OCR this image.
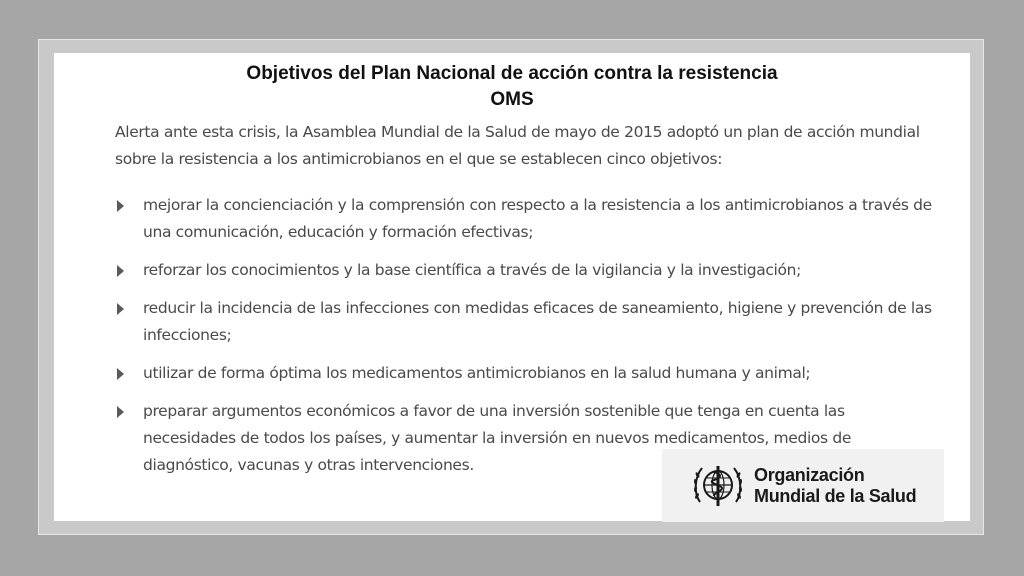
Objetivos del Plan Nacional de acción contra la resistencia
OMS
Alerta ante esta crisis, la Asamblea Mundial de la Salud de mayo de 2015 adoptó un plan de acción mundial sobre la resistencia a los antimicrobianos en el que se establecen cinco objetivos:
mejorar la concienciación y la comprensión con respecto a la resistencia a los antimicrobianos a través de una comunicación, educación y formación efectivas;
reforzar los conocimientos y la base científica a través de la vigilancia y la investigación;
reducir la incidencia de las infecciones con medidas eficaces de saneamiento, higiene y prevención de las infecciones;
utilizar de forma óptima los medicamentos antimicrobianos en la salud humana y animal;
preparar argumentos económicos a favor de una inversión sostenible que tenga en cuenta las necesidades de todos los países, y aumentar la inversión en nuevos medicamentos, medios de diagnóstico, vacunas y otras intervenciones.	Organización
Mundial de la Salud
